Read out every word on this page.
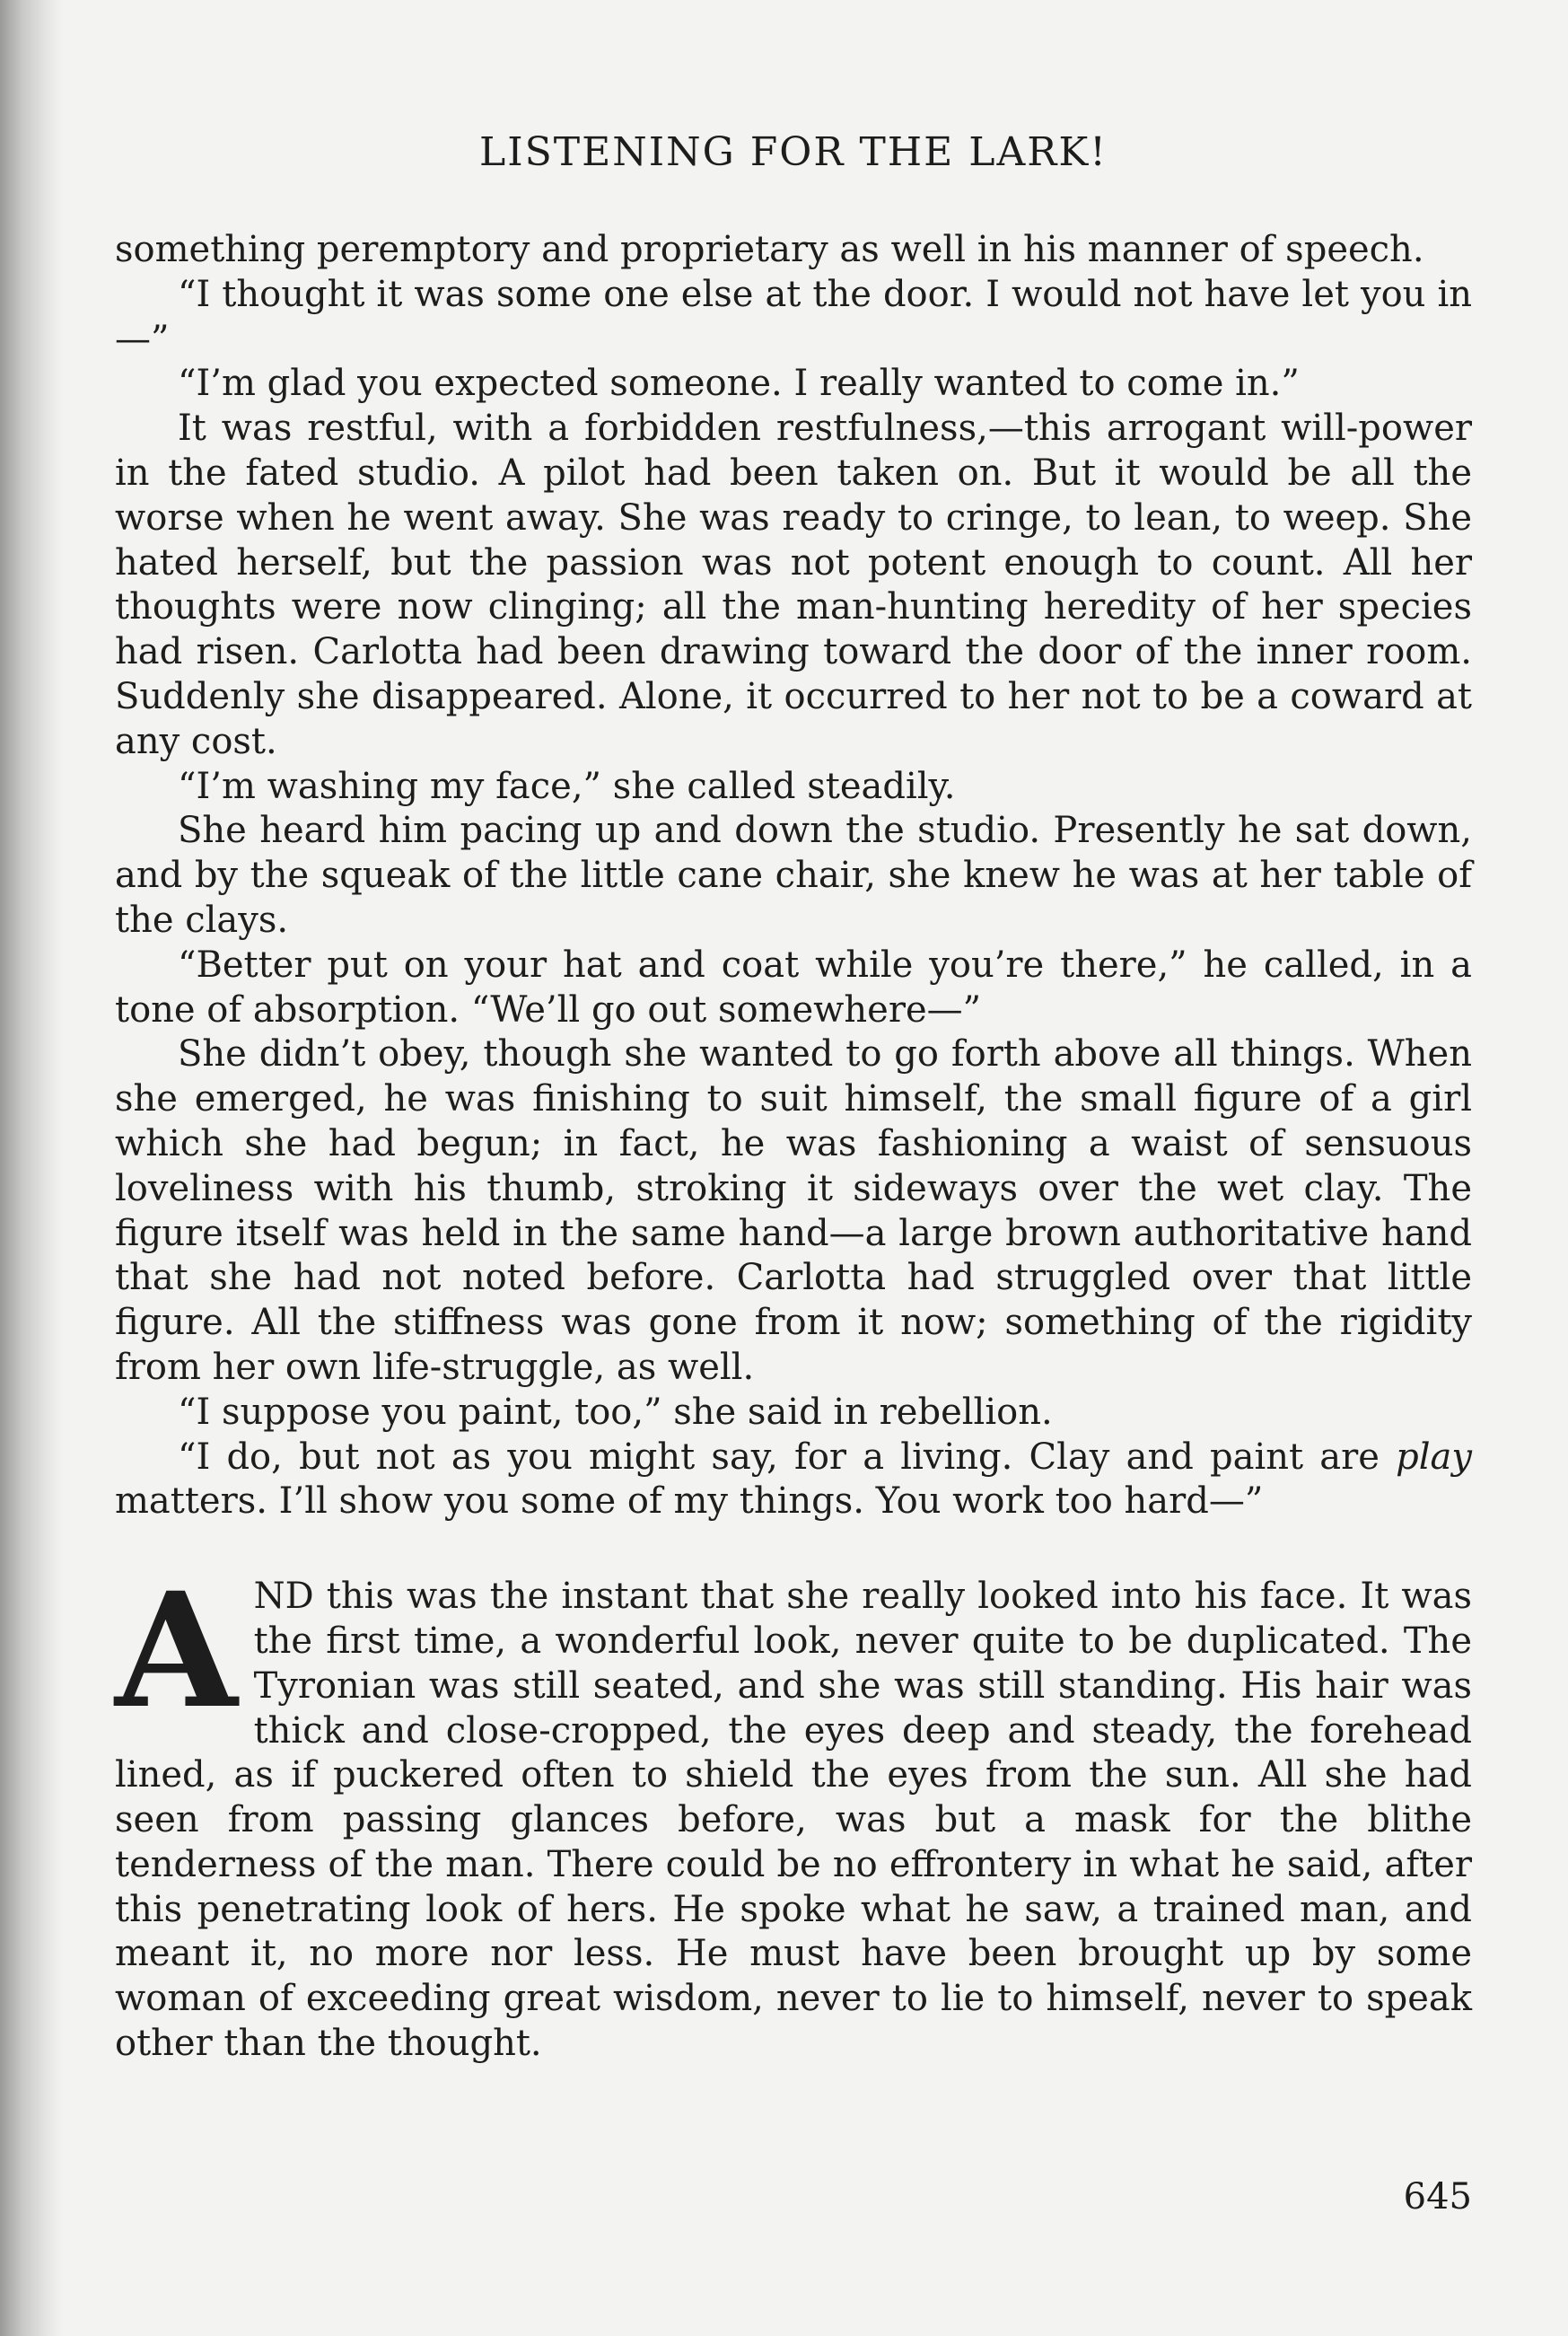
LISTENING FOR THE LARK!

something peremptory and proprietary as well in his manner of speech.

“I thought it was some one else at the door. I would not have let you in—”

“I’m glad you expected someone. I really wanted to come in.”

It was restful, with a forbidden restfulness,—this arrogant will-power in the fated studio. A pilot had been taken on. But it would be all the worse when he went away. She was ready to cringe, to lean, to weep. She hated herself, but the passion was not potent enough to count. All her thoughts were now clinging; all the man-hunting heredity of her species had risen. Carlotta had been drawing toward the door of the inner room. Suddenly she disappeared. Alone, it occurred to her not to be a coward at any cost.

“I’m washing my face,” she called steadily.

She heard him pacing up and down the studio. Presently he sat down, and by the squeak of the little cane chair, she knew he was at her table of the clays.

“Better put on your hat and coat while you’re there,” he called, in a tone of absorption. “We’ll go out somewhere—”

She didn’t obey, though she wanted to go forth above all things. When she emerged, he was finishing to suit himself, the small figure of a girl which she had begun; in fact, he was fashioning a waist of sensuous loveliness with his thumb, stroking it sideways over the wet clay. The figure itself was held in the same hand—a large brown authoritative hand that she had not noted before. Carlotta had struggled over that little figure. All the stiffness was gone from it now; something of the rigidity from her own life-struggle, as well.

“I suppose you paint, too,” she said in rebellion.

“I do, but not as you might say, for a living. Clay and paint are play matters. I’ll show you some of my things. You work too hard—”

AND this was the instant that she really looked into his face. It was the first time, a wonderful look, never quite to be duplicated. The Tyronian was still seated, and she was still standing. His hair was thick and close-cropped, the eyes deep and steady, the forehead lined, as if puckered often to shield the eyes from the sun. All she had seen from passing glances before, was but a mask for the blithe tenderness of the man. There could be no effrontery in what he said, after this penetrating look of hers. He spoke what he saw, a trained man, and meant it, no more nor less. He must have been brought up by some woman of exceeding great wisdom, never to lie to himself, never to speak other than the thought.

645
